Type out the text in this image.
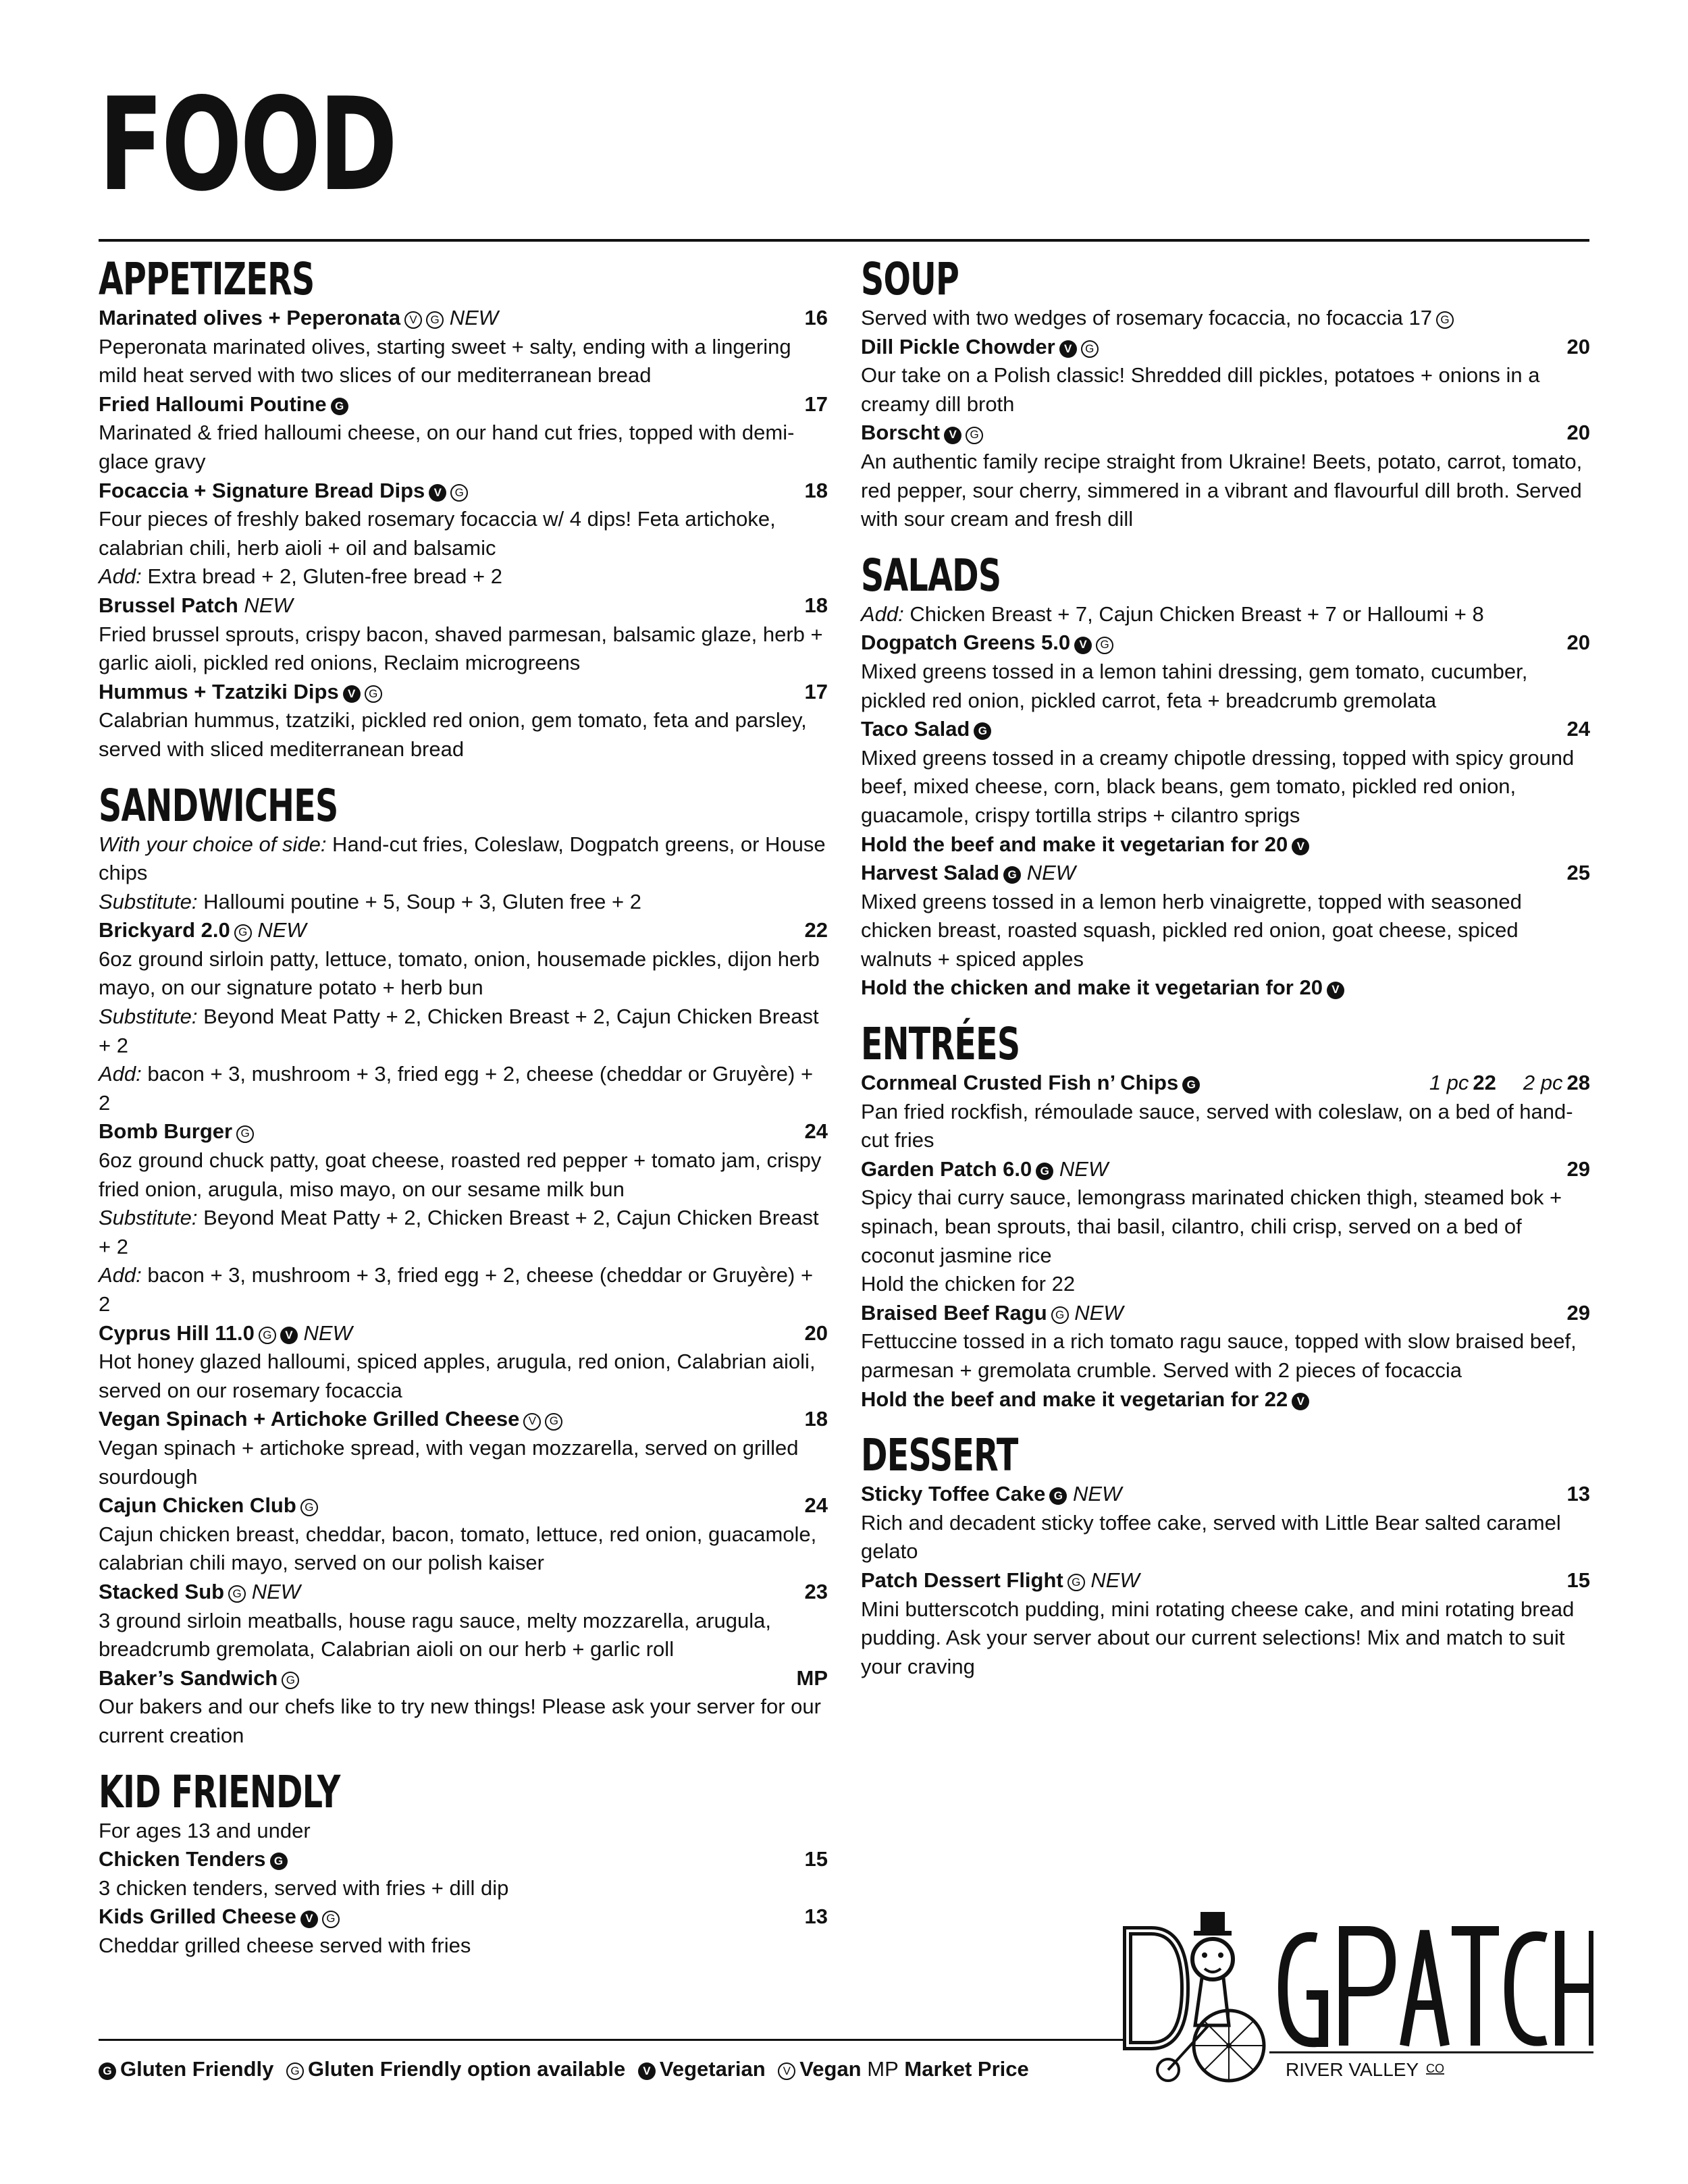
FOOD
APPETIZERS
Marinated olives + Peperonata V G NEW	16
Peperonata marinated olives, starting sweet + salty, ending with a lingering mild heat served with two slices of our mediterranean bread
Fried Halloumi Poutine G	17
Marinated & fried halloumi cheese, on our hand cut fries, topped with demi-glace gravy
Focaccia + Signature Bread Dips V G	18
Four pieces of freshly baked rosemary focaccia w/ 4 dips! Feta artichoke, calabrian chili, herb aioli + oil and balsamic
Add: Extra bread + 2, Gluten-free bread + 2
Brussel Patch NEW	18
Fried brussel sprouts, crispy bacon, shaved parmesan, balsamic glaze, herb + garlic aioli, pickled red onions, Reclaim microgreens
Hummus + Tzatziki Dips V G	17
Calabrian hummus, tzatziki, pickled red onion, gem tomato, feta and parsley, served with sliced mediterranean bread
SANDWICHES
With your choice of side: Hand-cut fries, Coleslaw, Dogpatch greens, or House chips
Substitute: Halloumi poutine + 5, Soup + 3, Gluten free + 2
Brickyard 2.0 G NEW	22
6oz ground sirloin patty, lettuce, tomato, onion, housemade pickles, dijon herb mayo, on our signature potato + herb bun
Substitute: Beyond Meat Patty + 2, Chicken Breast + 2, Cajun Chicken Breast + 2
Add: bacon + 3, mushroom + 3, fried egg + 2, cheese (cheddar or Gruyère) + 2
Bomb Burger G	24
6oz ground chuck patty, goat cheese, roasted red pepper + tomato jam, crispy fried onion, arugula, miso mayo, on our sesame milk bun
Substitute: Beyond Meat Patty + 2, Chicken Breast + 2, Cajun Chicken Breast + 2
Add: bacon + 3, mushroom + 3, fried egg + 2, cheese (cheddar or Gruyère) + 2
Cyprus Hill 11.0 G V NEW	20
Hot honey glazed halloumi, spiced apples, arugula, red onion, Calabrian aioli, served on our rosemary focaccia
Vegan Spinach + Artichoke Grilled Cheese V G	18
Vegan spinach + artichoke spread, with vegan mozzarella, served on grilled sourdough
Cajun Chicken Club G	24
Cajun chicken breast, cheddar, bacon, tomato, lettuce, red onion, guacamole, calabrian chili mayo, served on our polish kaiser
Stacked Sub G NEW	23
3 ground sirloin meatballs, house ragu sauce, melty mozzarella, arugula, breadcrumb gremolata, Calabrian aioli on our herb + garlic roll
Baker’s Sandwich G	MP
Our bakers and our chefs like to try new things! Please ask your server for our current creation
KID FRIENDLY
For ages 13 and under
Chicken Tenders G	15
3 chicken tenders, served with fries + dill dip
Kids Grilled Cheese V G	13
Cheddar grilled cheese served with fries
SOUP
Served with two wedges of rosemary focaccia, no focaccia 17 G
Dill Pickle Chowder V G	20
Our take on a Polish classic! Shredded dill pickles, potatoes + onions in a creamy dill broth
Borscht V G	20
An authentic family recipe straight from Ukraine! Beets, potato, carrot, tomato, red pepper, sour cherry, simmered in a vibrant and flavourful dill broth. Served with sour cream and fresh dill
SALADS
Add: Chicken Breast + 7, Cajun Chicken Breast + 7 or Halloumi + 8
Dogpatch Greens 5.0 V G	20
Mixed greens tossed in a lemon tahini dressing, gem tomato, cucumber, pickled red onion, pickled carrot, feta + breadcrumb gremolata
Taco Salad G	24
Mixed greens tossed in a creamy chipotle dressing, topped with spicy ground beef, mixed cheese, corn, black beans, gem tomato, pickled red onion, guacamole, crispy tortilla strips + cilantro sprigs
Hold the beef and make it vegetarian for 20 V
Harvest Salad G NEW	25
Mixed greens tossed in a lemon herb vinaigrette, topped with seasoned chicken breast, roasted squash, pickled red onion, goat cheese, spiced walnuts + spiced apples
Hold the chicken and make it vegetarian for 20 V
ENTRÉES
Cornmeal Crusted Fish n’ Chips G	1 pc 22 2 pc 28
Pan fried rockfish, rémoulade sauce, served with coleslaw, on a bed of hand-cut fries
Garden Patch 6.0 G NEW	29
Spicy thai curry sauce, lemongrass marinated chicken thigh, steamed bok + spinach, bean sprouts, thai basil, cilantro, chili crisp, served on a bed of coconut jasmine rice
Hold the chicken for 22
Braised Beef Ragu G NEW	29
Fettuccine tossed in a rich tomato ragu sauce, topped with slow braised beef, parmesan + gremolata crumble. Served with 2 pieces of focaccia
Hold the beef and make it vegetarian for 22 V
DESSERT
Sticky Toffee Cake G NEW	13
Rich and decadent sticky toffee cake, served with Little Bear salted caramel gelato
Patch Dessert Flight G NEW	15
Mini butterscotch pudding, mini rotating cheese cake, and mini rotating bread pudding. Ask your server about our current selections! Mix and match to suit your craving
RIVER VALLEY CO
G Gluten Friendly G Gluten Friendly option available V Vegetarian V Vegan MP Market Price
